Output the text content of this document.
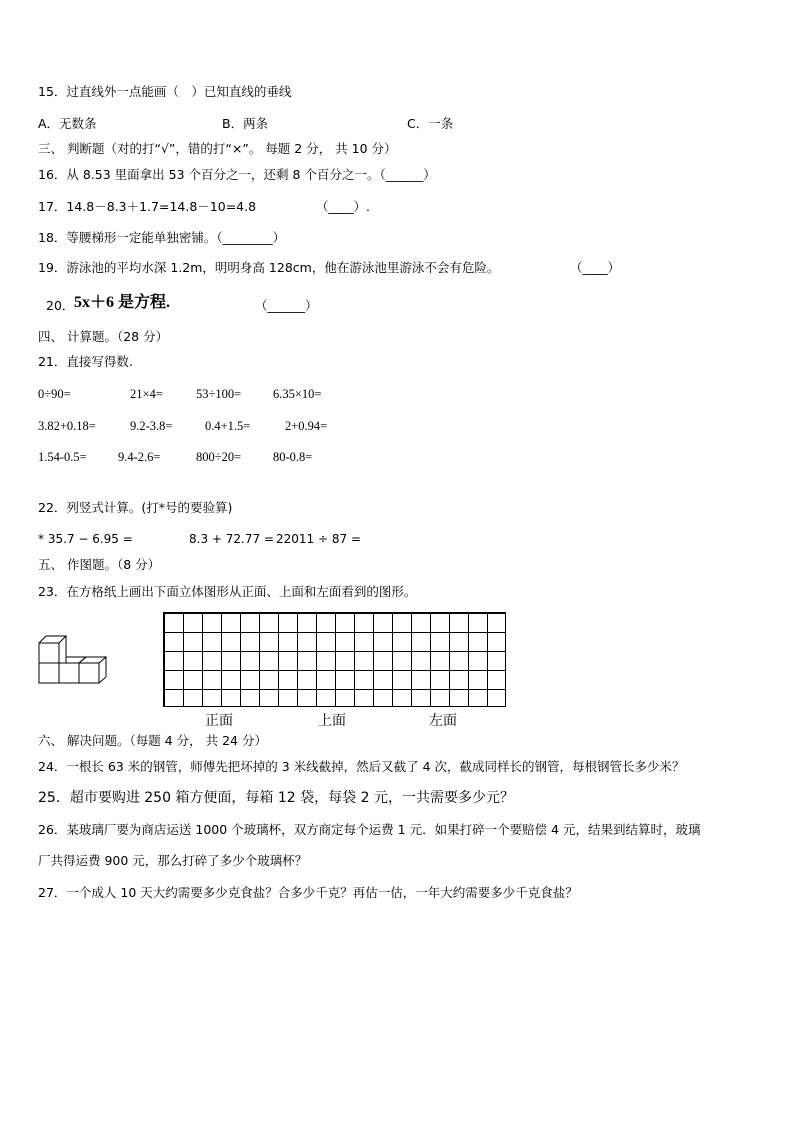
15．过直线外一点能画（　）已知直线的垂线
A．无数条	B．两条	C．一条
三、 判断题（对的打“√”，错的打“×”。 每题 2 分， 共 10 分）
16．从 8.53 里面拿出 53 个百分之一，还剩 8 个百分之一。（______）
17．14.8－8.3＋1.7=14.8－10=4.8	（____）.
18．等腰梯形一定能单独密铺。（________）
19．游泳池的平均水深 1.2m，明明身高 128cm，他在游泳池里游泳不会有危险。	（____）
20． 5x＋6 是方程.	（______）
四、 计算题。（28 分）
21．直接写得数.
0÷90=	21×4=	53÷100=	6.35×10=
3.82+0.18=	9.2-3.8=	0.4+1.5=	2+0.94=
1.54-0.5=	9.4-2.6=	800÷20=	80-0.8=
22．列竖式计算。(打*号的要验算)
* 35.7 − 6.95 =	8.3 + 72.77 = 22011 ÷ 87 =
五、 作图题。（8 分）
23．在方格纸上画出下面立体图形从正面、上面和左面看到的图形。
正面	上面	左面
六、 解决问题。（每题 4 分， 共 24 分）
24．一根长 63 米的钢管，师傅先把坏掉的 3 米线截掉，然后又截了 4 次，截成同样长的钢管，每根钢管长多少米？
25．超市要购进 250 箱方便面，每箱 12 袋，每袋 2 元，一共需要多少元？
26．某玻璃厂要为商店运送 1000 个玻璃杯，双方商定每个运费 1 元．如果打碎一个要赔偿 4 元，结果到结算时，玻璃
厂共得运费 900 元，那么打碎了多少个玻璃杯？
27．一个成人 10 天大约需要多少克食盐？合多少千克？再估一估，一年大约需要多少千克食盐？
